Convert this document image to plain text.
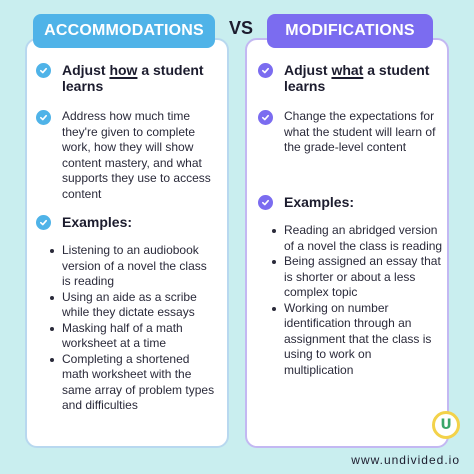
ACCOMMODATIONS	VS	MODIFICATIONS
Adjust how a student learns
Address how much time they're given to complete work, how they will show content mastery, and what supports they use to access content
Examples:
Listening to an audiobook version of a novel the class is reading
Using an aide as a scribe while they dictate essays
Masking half of a math worksheet at a time
Completing a shortened math worksheet with the same array of problem types and difficulties
Adjust what a student learns
Change the expectations for what the student will learn of the grade-level content
Examples:
Reading an abridged version of a novel the class is reading
Being assigned an essay that is shorter or about a less complex topic
Working on number identification through an assignment that the class is using to work on multiplication
U
www.undivided.io
